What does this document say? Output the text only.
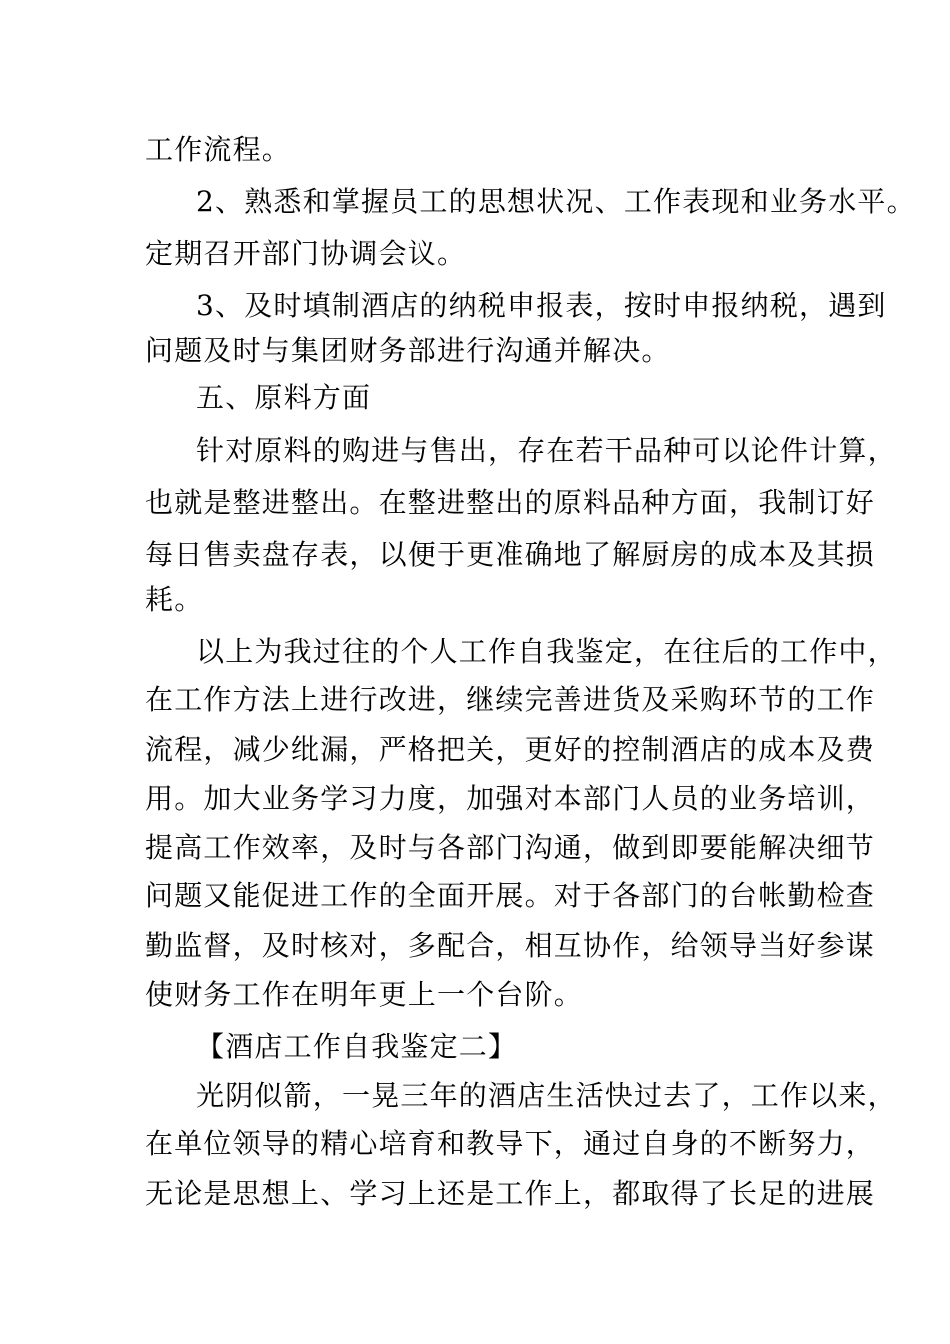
工作流程。
2、熟悉和掌握员工的思想状况、工作表现和业务水平。
定期召开部门协调会议。
3、及时填制酒店的纳税申报表，按时申报纳税，遇到
问题及时与集团财务部进行沟通并解决。
五、原料方面
针对原料的购进与售出，存在若干品种可以论件计算，
也就是整进整出。在整进整出的原料品种方面，我制订好
每日售卖盘存表，以便于更准确地了解厨房的成本及其损
耗。
以上为我过往的个人工作自我鉴定，在往后的工作中，
在工作方法上进行改进，继续完善进货及采购环节的工作
流程，减少纰漏，严格把关，更好的控制酒店的成本及费
用。加大业务学习力度，加强对本部门人员的业务培训，
提高工作效率，及时与各部门沟通，做到即要能解决细节
问题又能促进工作的全面开展。对于各部门的台帐勤检查
勤监督，及时核对，多配合，相互协作，给领导当好参谋
使财务工作在明年更上一个台阶。
【酒店工作自我鉴定二】
光阴似箭，一晃三年的酒店生活快过去了，工作以来，
在单位领导的精心培育和教导下，通过自身的不断努力，
无论是思想上、学习上还是工作上，都取得了长足的进展
